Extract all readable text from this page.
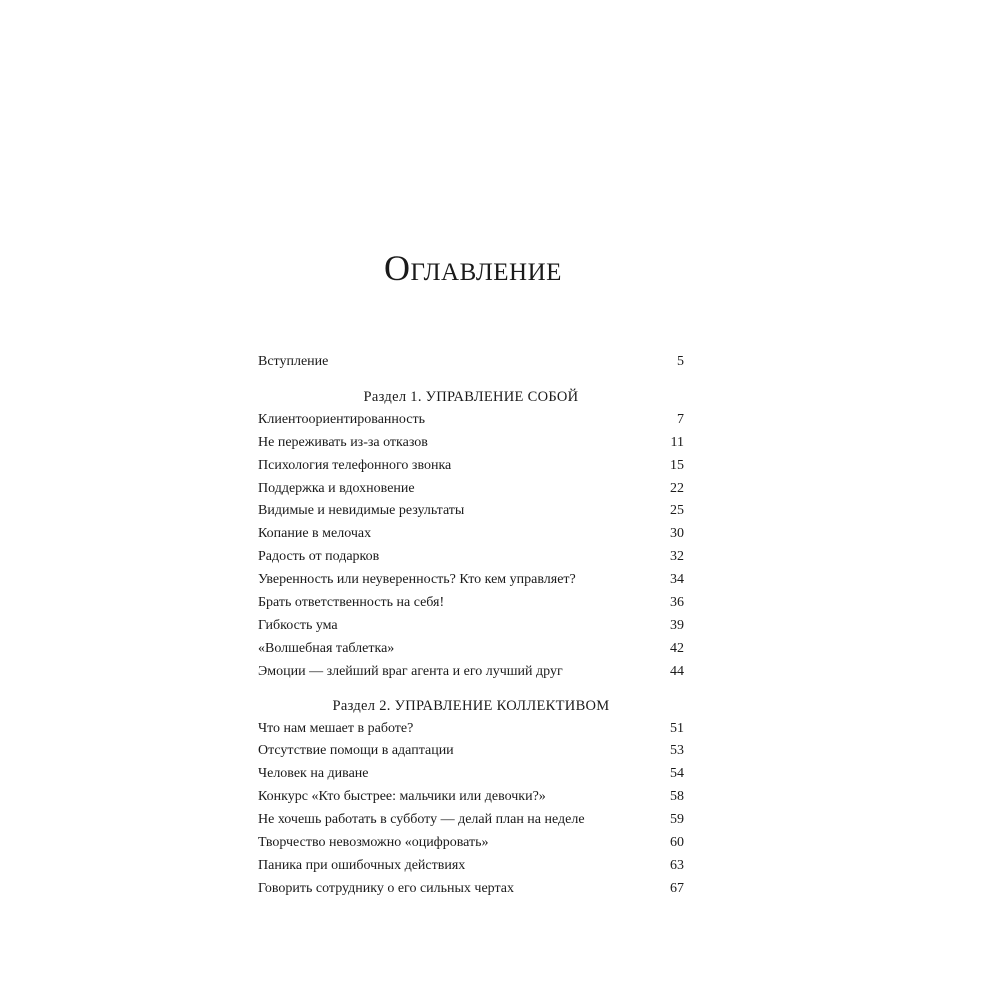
Оглавление
Вступление	5
Раздел 1. УПРАВЛЕНИЕ СОБОЙ
Клиентоориентированность	7
Не переживать из-за отказов	11
Психология телефонного звонка	15
Поддержка и вдохновение	22
Видимые и невидимые результаты	25
Копание в мелочах	30
Радость от подарков	32
Уверенность или неуверенность? Кто кем управляет?	34
Брать ответственность на себя!	36
Гибкость ума	39
«Волшебная таблетка»	42
Эмоции — злейший враг агента и его лучший друг	44
Раздел 2. УПРАВЛЕНИЕ КОЛЛЕКТИВОМ
Что нам мешает в работе?	51
Отсутствие помощи в адаптации	53
Человек на диване	54
Конкурс «Кто быстрее: мальчики или девочки?»	58
Не хочешь работать в субботу — делай план на неделе	59
Творчество невозможно «оцифровать»	60
Паника при ошибочных действиях	63
Говорить сотруднику о его сильных чертах	67
